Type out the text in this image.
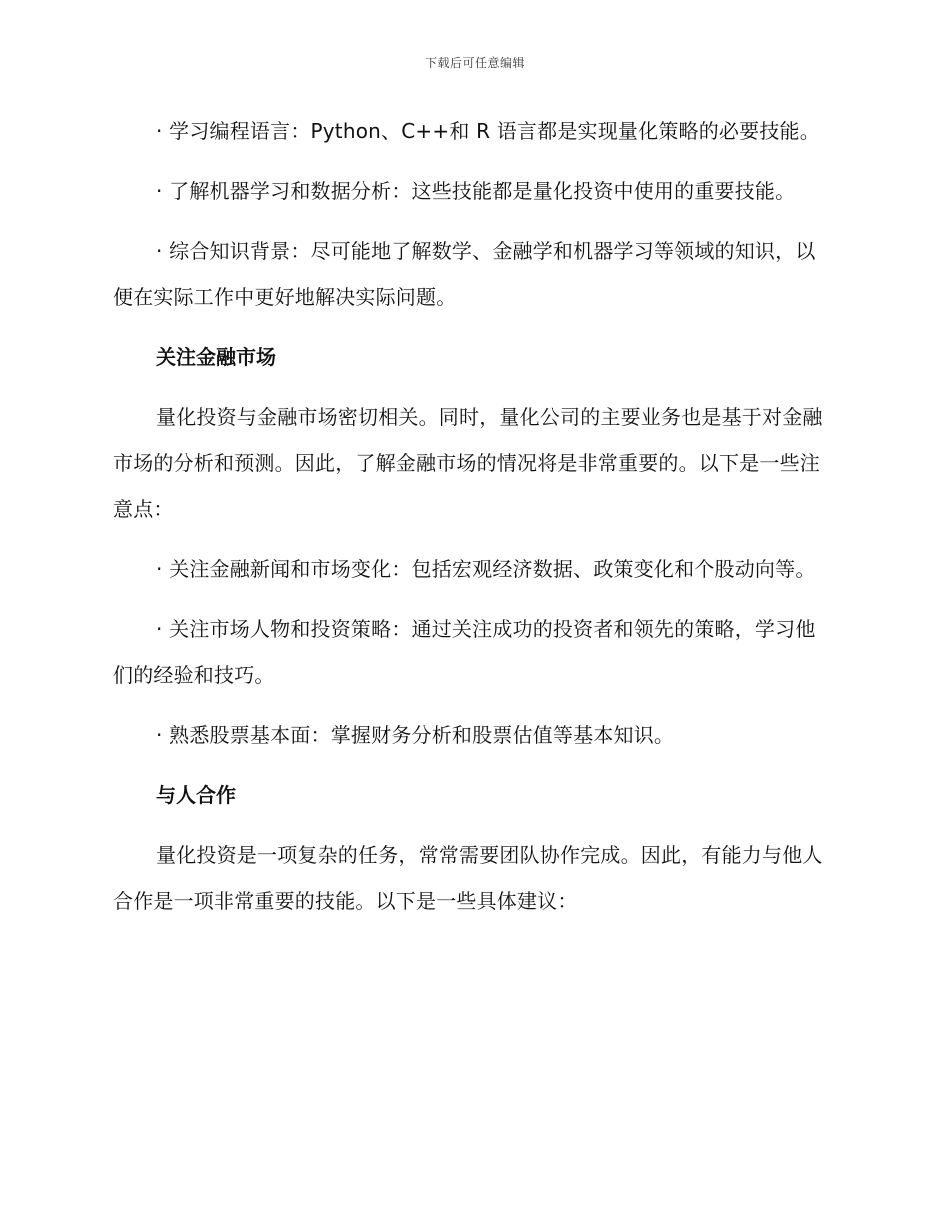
下载后可任意编辑

· 学习编程语言：Python、C++和 R 语言都是实现量化策略的必要技能。

· 了解机器学习和数据分析：这些技能都是量化投资中使用的重要技能。

· 综合知识背景：尽可能地了解数学、金融学和机器学习等领域的知识，以便在实际工作中更好地解决实际问题。

关注金融市场

量化投资与金融市场密切相关。同时，量化公司的主要业务也是基于对金融市场的分析和预测。因此，了解金融市场的情况将是非常重要的。以下是一些注意点：

· 关注金融新闻和市场变化：包括宏观经济数据、政策变化和个股动向等。

· 关注市场人物和投资策略：通过关注成功的投资者和领先的策略，学习他们的经验和技巧。

· 熟悉股票基本面：掌握财务分析和股票估值等基本知识。

与人合作

量化投资是一项复杂的任务，常常需要团队协作完成。因此，有能力与他人合作是一项非常重要的技能。以下是一些具体建议：
